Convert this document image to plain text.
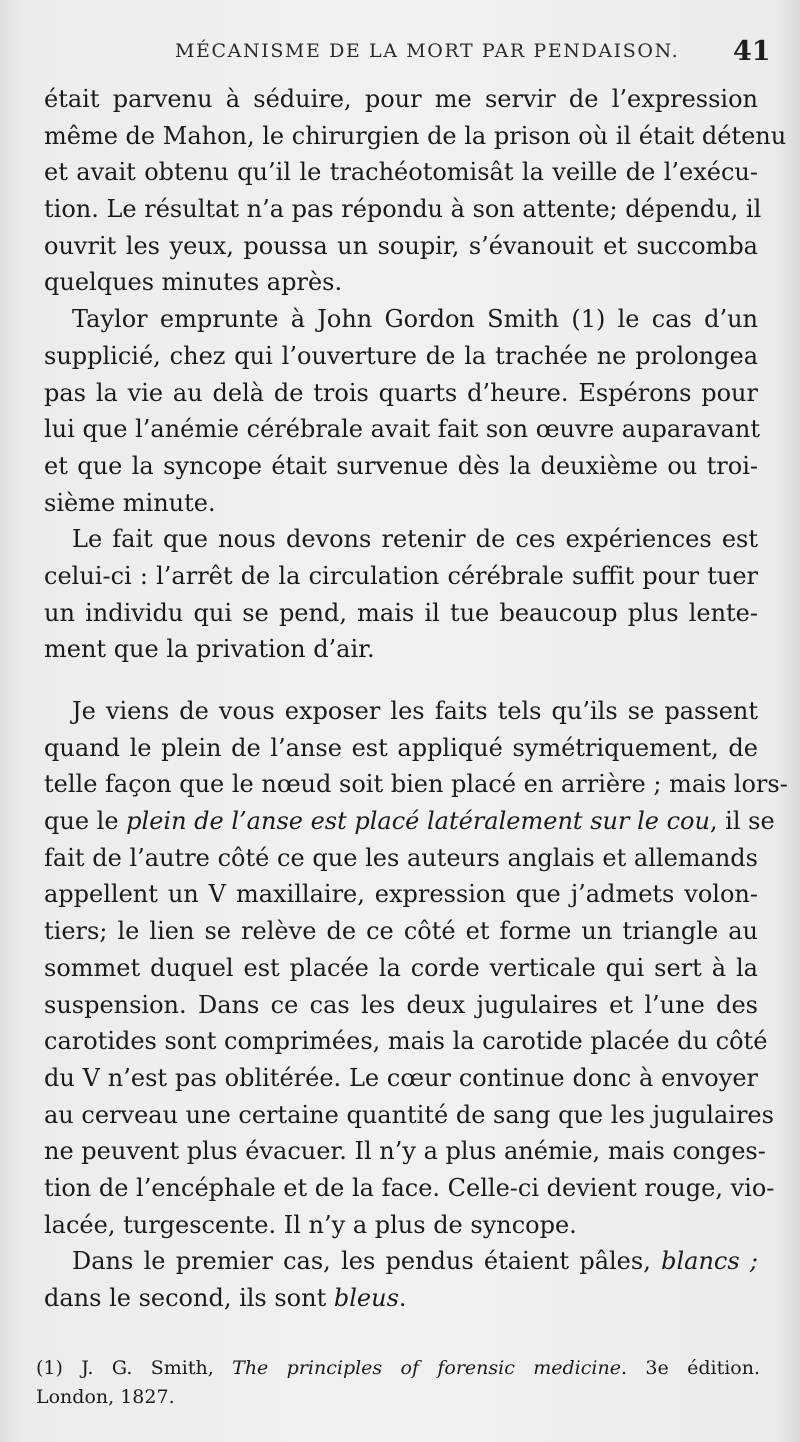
MÉCANISME DE LA MORT PAR PENDAISON. 41
était parvenu à séduire, pour me servir de l’expression
même de Mahon, le chirurgien de la prison où il était détenu
et avait obtenu qu’il le trachéotomisât la veille de l’exécu-
tion. Le résultat n’a pas répondu à son attente; dépendu, il
ouvrit les yeux, poussa un soupir, s’évanouit et succomba
quelques minutes après.
Taylor emprunte à John Gordon Smith (1) le cas d’un
supplicié, chez qui l’ouverture de la trachée ne prolongea
pas la vie au delà de trois quarts d’heure. Espérons pour
lui que l’anémie cérébrale avait fait son œuvre auparavant
et que la syncope était survenue dès la deuxième ou troi-
sième minute.
Le fait que nous devons retenir de ces expériences est
celui-ci : l’arrêt de la circulation cérébrale suffit pour tuer
un individu qui se pend, mais il tue beaucoup plus lente-
ment que la privation d’air.
Je viens de vous exposer les faits tels qu’ils se passent
quand le plein de l’anse est appliqué symétriquement, de
telle façon que le nœud soit bien placé en arrière ; mais lors-
que le plein de l’anse est placé latéralement sur le cou, il se
fait de l’autre côté ce que les auteurs anglais et allemands
appellent un V maxillaire, expression que j’admets volon-
tiers; le lien se relève de ce côté et forme un triangle au
sommet duquel est placée la corde verticale qui sert à la
suspension. Dans ce cas les deux jugulaires et l’une des
carotides sont comprimées, mais la carotide placée du côté
du V n’est pas oblitérée. Le cœur continue donc à envoyer
au cerveau une certaine quantité de sang que les jugulaires
ne peuvent plus évacuer. Il n’y a plus anémie, mais conges-
tion de l’encéphale et de la face. Celle-ci devient rouge, vio-
lacée, turgescente. Il n’y a plus de syncope.
Dans le premier cas, les pendus étaient pâles, blancs ;
dans le second, ils sont bleus.
(1) J. G. Smith, The principles of forensic medicine. 3e édition.
London, 1827.
